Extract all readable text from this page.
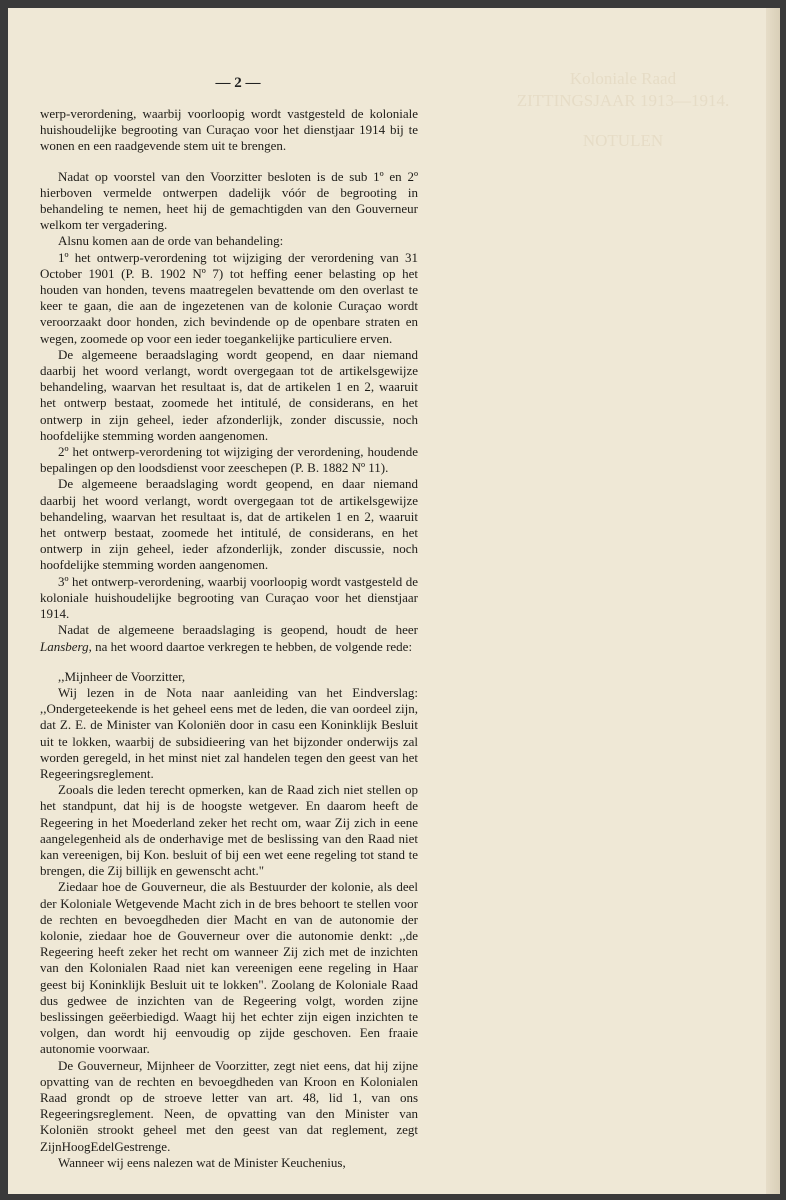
Koloniale Raad
ZITTINGSJAAR 1913—1914.
NOTULEN
— 2 —

werp-verordening, waarbij voorloopig wordt vastgesteld de koloniale huishoudelijke begrooting van Curaçao voor het dienstjaar 1914 bij te wonen en een raadgevende stem uit te brengen.

Nadat op voorstel van den Voorzitter besloten is de sub 1º en 2º hierboven vermelde ontwerpen dadelijk vóór de begrooting in behandeling te nemen, heet hij de gemachtigden van den Gouverneur welkom ter vergadering.

Alsnu komen aan de orde van behandeling:

1º het ontwerp-verordening tot wijziging der verordening van 31 October 1901 (P. B. 1902 Nº 7) tot heffing eener belasting op het houden van honden, tevens maatregelen bevattende om den overlast te keer te gaan, die aan de ingezetenen van de kolonie Curaçao wordt veroorzaakt door honden, zich bevindende op de openbare straten en wegen, zoomede op voor een ieder toegankelijke particuliere erven.

De algemeene beraadslaging wordt geopend, en daar niemand daarbij het woord verlangt, wordt overgegaan tot de artikelsgewijze behandeling, waarvan het resultaat is, dat de artikelen 1 en 2, waaruit het ontwerp bestaat, zoomede het intitulé, de considerans, en het ontwerp in zijn geheel, ieder afzonderlijk, zonder discussie, noch hoofdelijke stemming worden aangenomen.

2º het ontwerp-verordening tot wijziging der verordening, houdende bepalingen op den loodsdienst voor zeeschepen (P. B. 1882 Nº 11).

De algemeene beraadslaging wordt geopend, en daar niemand daarbij het woord verlangt, wordt overgegaan tot de artikelsgewijze behandeling, waarvan het resultaat is, dat de artikelen 1 en 2, waaruit het ontwerp bestaat, zoomede het intitulé, de considerans, en het ontwerp in zijn geheel, ieder afzonderlijk, zonder discussie, noch hoofdelijke stemming worden aangenomen.

3º het ontwerp-verordening, waarbij voorloopig wordt vastgesteld de koloniale huishoudelijke begrooting van Curaçao voor het dienstjaar 1914.

Nadat de algemeene beraadslaging is geopend, houdt de heer Lansberg, na het woord daartoe verkregen te hebben, de volgende rede:

,,Mijnheer de Voorzitter,

Wij lezen in de Nota naar aanleiding van het Eindverslag: ,,Ondergeteekende is het geheel eens met de leden, die van oordeel zijn, dat Z. E. de Minister van Koloniën door in casu een Koninklijk Besluit uit te lokken, waarbij de subsidieering van het bijzonder onderwijs zal worden geregeld, in het minst niet zal handelen tegen den geest van het Regeeringsreglement.

Zooals die leden terecht opmerken, kan de Raad zich niet stellen op het standpunt, dat hij is de hoogste wetgever. En daarom heeft de Regeering in het Moederland zeker het recht om, waar Zij zich in eene aangelegenheid als de onderhavige met de beslissing van den Raad niet kan vereenigen, bij Kon. besluit of bij een wet eene regeling tot stand te brengen, die Zij billijk en gewenscht acht."

Ziedaar hoe de Gouverneur, die als Bestuurder der kolonie, als deel der Koloniale Wetgevende Macht zich in de bres behoort te stellen voor de rechten en bevoegdheden dier Macht en van de autonomie der kolonie, ziedaar hoe de Gouverneur over die autonomie denkt: ,,de Regeering heeft zeker het recht om wanneer Zij zich met de inzichten van den Kolonialen Raad niet kan vereenigen eene regeling in Haar geest bij Koninklijk Besluit uit te lokken". Zoolang de Koloniale Raad dus gedwee de inzichten van de Regeering volgt, worden zijne beslissingen geëerbiedigd. Waagt hij het echter zijn eigen inzichten te volgen, dan wordt hij eenvoudig op zijde geschoven. Een fraaie autonomie voorwaar.

De Gouverneur, Mijnheer de Voorzitter, zegt niet eens, dat hij zijne opvatting van de rechten en bevoegdheden van Kroon en Kolonialen Raad grondt op de stroeve letter van art. 48, lid 1, van ons Regeeringsreglement. Neen, de opvatting van den Minister van Koloniën strookt geheel met den geest van dat reglement, zegt ZijnHoogEdelGestrenge.

Wanneer wij eens nalezen wat de Minister Keuchenius,
